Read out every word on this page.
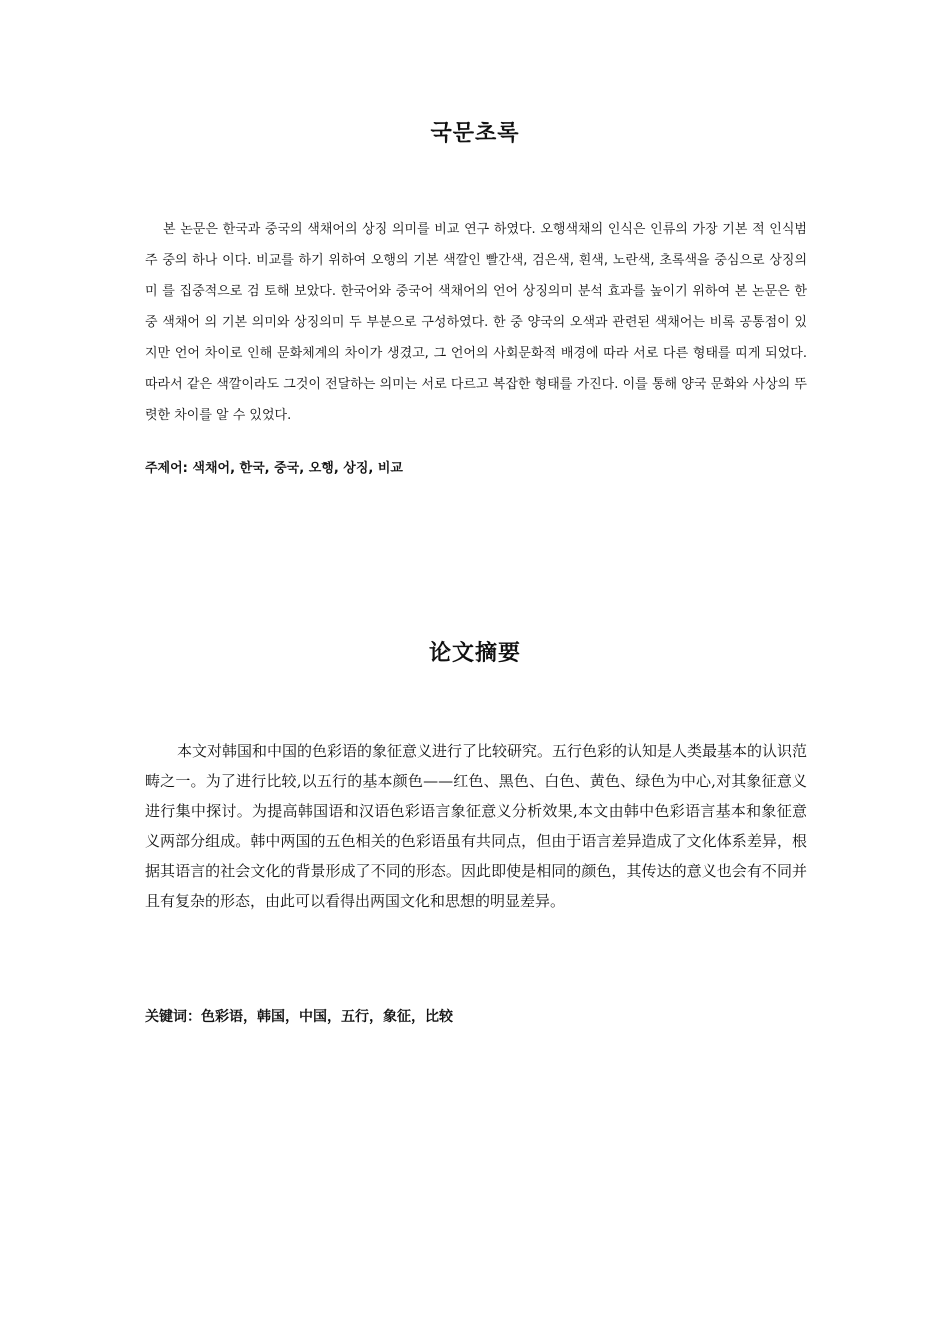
국문초록

본 논문은 한국과 중국의 색채어의 상징 의미를 비교 연구 하였다. 오행색채의 인식은 인류의 가장 기본 적 인식범주 중의 하나 이다. 비교를 하기 위하여 오행의 기본 색깔인 빨간색, 검은색, 흰색, 노란색, 초록색을 중심으로 상징의미 를 집중적으로 검 토해 보았다. 한국어와 중국어 색채어의 언어 상징의미 분석 효과를 높이기 위하여 본 논문은 한중 색채어 의 기본 의미와 상징의미 두 부분으로 구성하였다. 한 중 양국의 오색과 관련된 색채어는 비록 공통점이 있지만 언어 차이로 인해 문화체계의 차이가 생겼고, 그 언어의 사회문화적 배경에 따라 서로 다른 형태를 띠게 되었다. 따라서 같은 색깔이라도 그것이 전달하는 의미는 서로 다르고 복잡한 형태를 가진다. 이를 통해 양국 문화와 사상의 뚜렷한 차이를 알 수 있었다.

주제어: 색채어, 한국, 중국, 오행, 상징, 비교

论文摘要

本文对韩国和中国的色彩语的象征意义进行了比较研究。五行色彩的认知是人类最基本的认识范畴之一。为了进行比较,以五行的基本颜色——红色、黑色、白色、黄色、绿色为中心,对其象征意义进行集中探讨。为提高韩国语和汉语色彩语言象征意义分析效果,本文由韩中色彩语言基本和象征意义两部分组成。韩中两国的五色相关的色彩语虽有共同点，但由于语言差异造成了文化体系差异，根据其语言的社会文化的背景形成了不同的形态。因此即使是相同的颜色，其传达的意义也会有不同并且有复杂的形态，由此可以看得出两国文化和思想的明显差异。

关键词：色彩语，韩国，中国，五行，象征，比较
